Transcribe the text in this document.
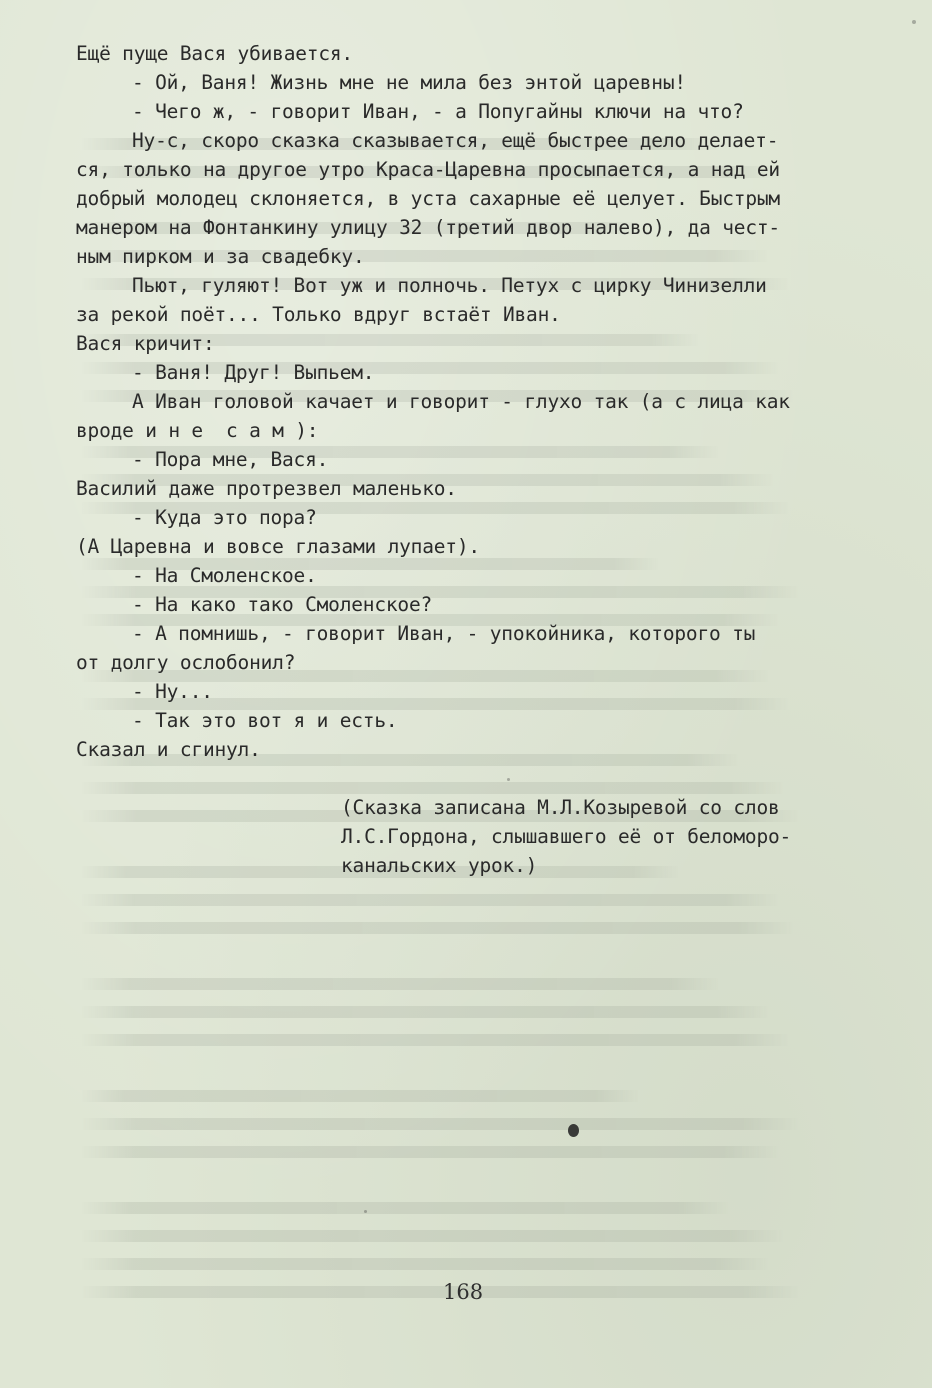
Ещё пуще Вася убивается.
- Ой, Ваня! Жизнь мне не мила без энтой царевны!
- Чего ж, - говорит Иван, - а Попугайны ключи на что?
Ну-с, скоро сказка сказывается, ещё быстрее дело делает-
ся, только на другое утро Краса-Царевна просыпается, а над ей
добрый молодец склоняется, в уста сахарные её целует. Быстрым
манером на Фонтанкину улицу 32 (третий двор налево), да чест-
ным пирком и за свадебку.
Пьют, гуляют! Вот уж и полночь. Петух с цирку Чинизелли
за рекой поёт... Только вдруг встаёт Иван.
Вася кричит:
- Ваня! Друг! Выпьем.
А Иван головой качает и говорит - глухо так (а с лица как
вроде и н е  с а м ):
- Пора мне, Вася.
Василий даже протрезвел маленько.
- Куда это пора?
(А Царевна и вовсе глазами лупает).
- На Смоленское.
- На како тако Смоленское?
- А помнишь, - говорит Иван, - упокойника, которого ты
от долгу ослобонил?
- Ну...
- Так это вот я и есть.
Сказал и сгинул.
(Сказка записана М.Л.Козыревой со слов
Л.С.Гордона, слышавшего её от беломоро-
канальских урок.)
168
